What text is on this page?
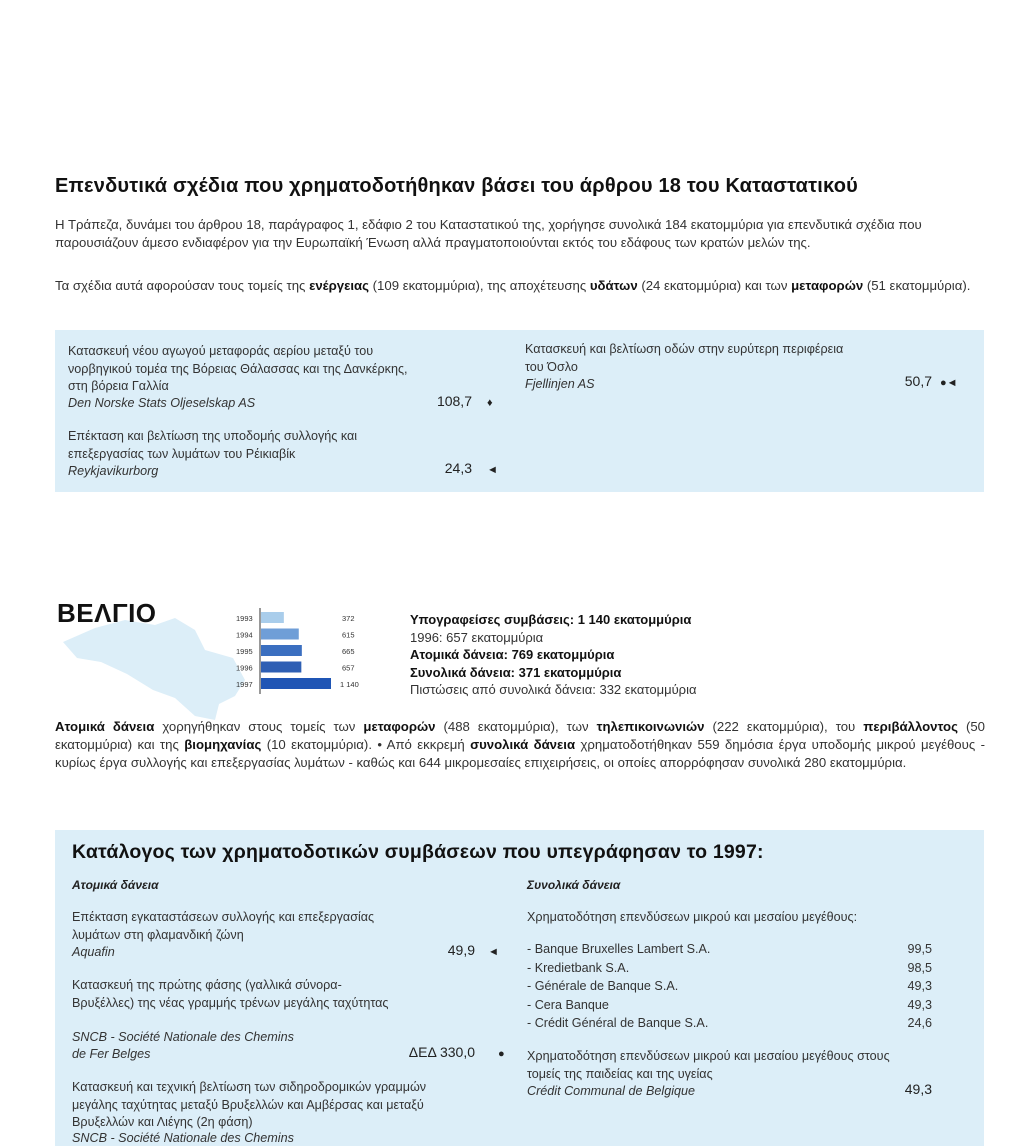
Επενδυτικά σχέδια που χρηματοδοτήθηκαν βάσει του άρθρου 18 του Καταστατικού
Η Τράπεζα, δυνάμει του άρθρου 18, παράγραφος 1, εδάφιο 2 του Καταστατικού της, χορήγησε συνολικά 184 εκατομμύρια για επενδυτικά σχέδια που παρουσιάζουν άμεσο ενδιαφέρον για την Ευρωπαϊκή Ένωση αλλά πραγματοποιούνται εκτός του εδάφους των κρατών μελών της.
Τα σχέδια αυτά αφορούσαν τους τομείς της ενέργειας (109 εκατομμύρια), της αποχέτευσης υδάτων (24 εκατομμύρια) και των μεταφορών (51 εκατομμύρια).
Κατασκευή νέου αγωγού μεταφοράς αερίου μεταξύ του νορβηγικού τομέα της Βόρειας Θάλασσας και της Δανκέρκης, στη βόρεια Γαλλία
Den Norske Stats Oljeselskap AS	108,7 ♦
Επέκταση και βελτίωση της υποδομής συλλογής και επεξεργασίας των λυμάτων του Ρέικιαβίκ
Reykjavikurborg	24,3 ◄
Κατασκευή και βελτίωση οδών στην ευρύτερη περιφέρεια του Όσλο
Fjellinjen AS	50,7 ●◄
ΒΕΛΓΙΟ	1993	372
1994	615
1995	665
1996	657
1997	1 140
Υπογραφείσες συμβάσεις: 1 140 εκατομμύρια
1996: 657 εκατομμύρια
Ατομικά δάνεια: 769 εκατομμύρια
Συνολικά δάνεια: 371 εκατομμύρια
Πιστώσεις από συνολικά δάνεια: 332 εκατομμύρια
Ατομικά δάνεια χορηγήθηκαν στους τομείς των μεταφορών (488 εκατομμύρια), των τηλεπικοινωνιών (222 εκατομμύρια), του περιβάλλοντος (50 εκατομμύρια) και της βιομηχανίας (10 εκατομμύρια). • Από εκκρεμή συνολικά δάνεια χρηματοδοτήθηκαν 559 δημόσια έργα υποδομής μικρού μεγέθους - κυρίως έργα συλλογής και επεξεργασίας λυμάτων - καθώς και 644 μικρομεσαίες επιχειρήσεις, οι οποίες απορρόφησαν συνολικά 280 εκατομμύρια.
Κατάλογος των χρηματοδοτικών συμβάσεων που υπεγράφησαν το 1997:
Ατομικά δάνεια	Συνολικά δάνεια
Επέκταση εγκαταστάσεων συλλογής και επεξεργασίας λυμάτων στη φλαμανδική ζώνη
Aquafin	49,9 ◄
Κατασκευή της πρώτης φάσης (γαλλικά σύνορα-Βρυξέλλες) της νέας γραμμής τρένων μεγάλης ταχύτητας
SNCB - Société Nationale des Chemins
de Fer Belges	ΔΕΔ 330,0 ●
Κατασκευή και τεχνική βελτίωση των σιδηροδρομικών γραμμών μεγάλης ταχύτητας μεταξύ Βρυξελλών και Αμβέρσας και μεταξύ Βρυξελλών και Λιέγης (2η φάση)
SNCB - Société Nationale des Chemins
Χρηματοδότηση επενδύσεων μικρού και μεσαίου μεγέθους:
- Banque Bruxelles Lambert S.A.	99,5
- Kredietbank S.A.	98,5
- Générale de Banque S.A.	49,3
- Cera Banque	49,3
- Crédit Général de Banque S.A.	24,6
Χρηματοδότηση επενδύσεων μικρού και μεσαίου μεγέθους στους τομείς της παιδείας και της υγείας
Crédit Communal de Belgique	49,3
